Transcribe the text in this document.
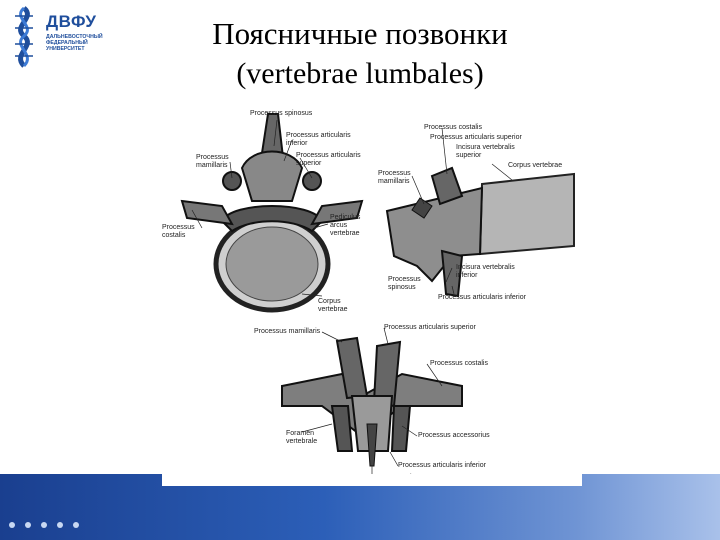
ДВФУ
ДАЛЬНЕВОСТОЧНЫЙ ФЕДЕРАЛЬНЫЙ УНИВЕРСИТЕТ	Поясничные позвонки
(vertebrae lumbales)
Processus spinosus
Processus articularis inferior
Processus mamillaris
Processus articularis superior
Processus costalis
Pediculus arcus vertebrae
Corpus vertebrae
Processus costalis
Processus articularis superior
Incisura vertebralis superior
Corpus vertebrae
Processus mamillaris
Incisura vertebralis inferior
Processus spinosus
Processus articularis inferior
Processus mamillaris
Processus articularis superior
Processus costalis
Foramen vertebrale
Processus accessorius
Processus articularis inferior
